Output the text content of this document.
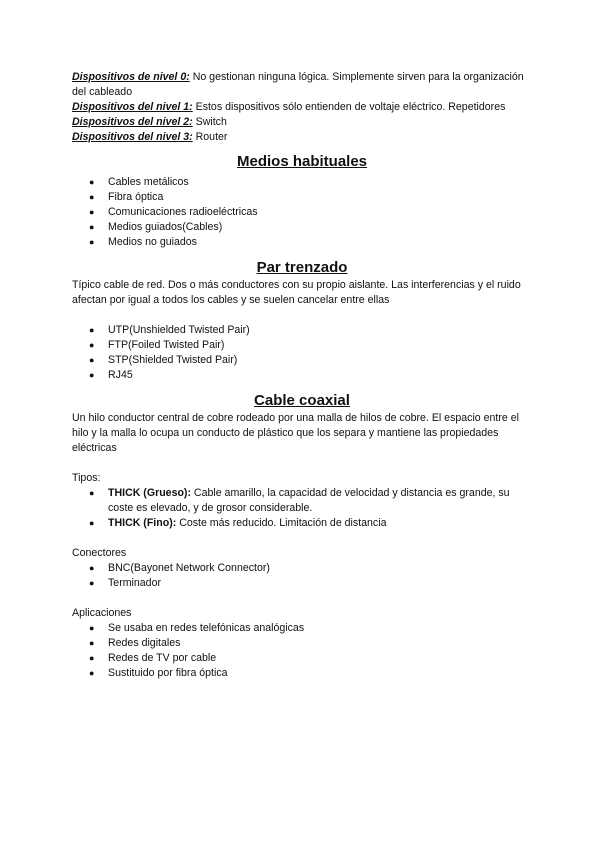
Dispositivos de nivel 0: No gestionan ninguna lógica. Simplemente sirven para la organización del cableado

Dispositivos del nivel 1: Estos dispositivos sólo entienden de voltaje eléctrico. Repetidores

Dispositivos del nivel 2: Switch

Dispositivos del nivel 3: Router

Medios habituales
● Cables metálicos
● Fibra óptica
● Comunicaciones radioeléctricas
● Medios guiados(Cables)
● Medios no guiados
Par trenzado

Típico cable de red. Dos o más conductores con su propio aislante. Las interferencias y el ruido afectan por igual a todos los cables y se suelen cancelar entre ellas

● UTP(Unshielded Twisted Pair)
● FTP(Foiled Twisted Pair)
● STP(Shielded Twisted Pair)
● RJ45
Cable coaxial

Un hilo conductor central de cobre rodeado por una malla de hilos de cobre. El espacio entre el hilo y la malla lo ocupa un conducto de plástico que los separa y mantiene las propiedades eléctricas

Tipos:

● THICK (Grueso): Cable amarillo, la capacidad de velocidad y distancia es grande, su coste es elevado, y de grosor considerable.
● THICK (Fino): Coste más reducido. Limitación de distancia

Conectores

● BNC(Bayonet Network Connector)
● Terminador

Aplicaciones

● Se usaba en redes telefónicas analógicas
● Redes digitales
● Redes de TV por cable
● Sustituido por fibra óptica
